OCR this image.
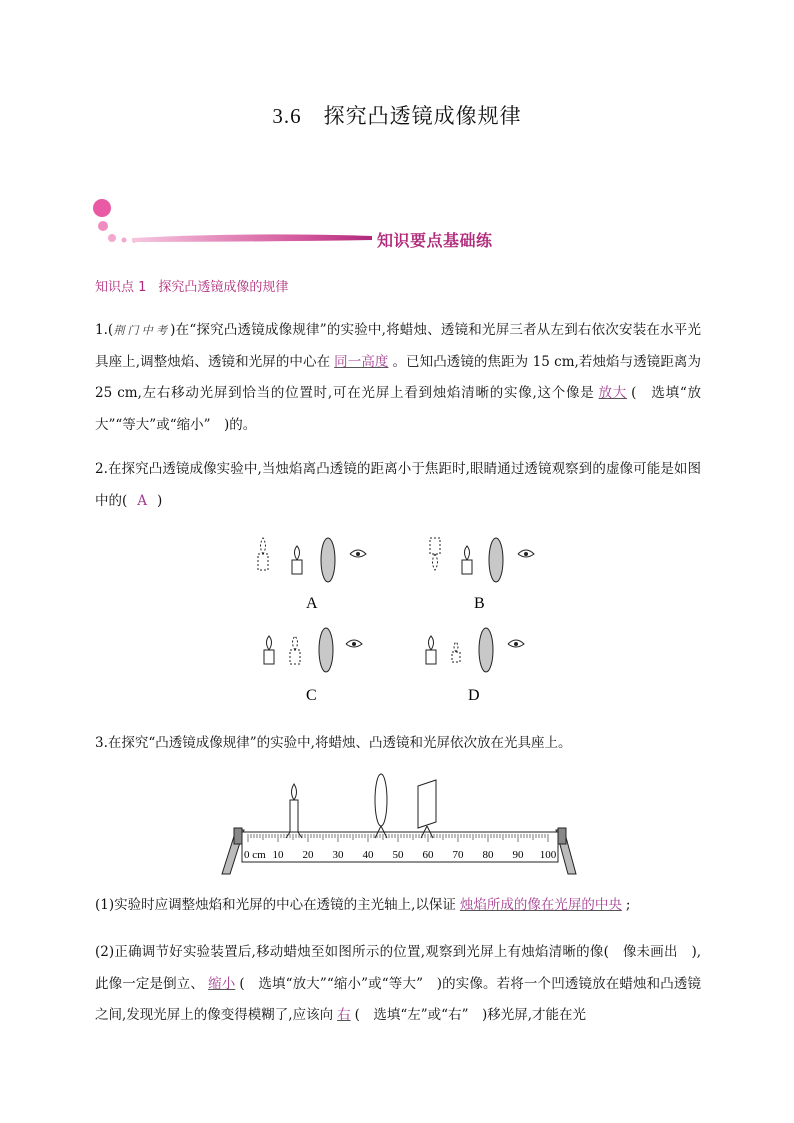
3.6 探究凸透镜成像规律
知识要点基础练
知识点 1 探究凸透镜成像的规律
1.(荆门中考)在“探究凸透镜成像规律”的实验中,将蜡烛、透镜和光屏三者从左到右依次安装在水平光具座上,调整烛焰、透镜和光屏的中心在 同一高度 。已知凸透镜的焦距为 15 cm,若烛焰与透镜距离为 25 cm,左右移动光屏到恰当的位置时,可在光屏上看到烛焰清晰的实像,这个像是 放大 (　选填“放大”“等大”或“缩小”　)的。
2.在探究凸透镜成像实验中,当烛焰离凸透镜的距离小于焦距时,眼睛通过透镜观察到的虚像可能是如图中的( A )
A	B
C	D
3.在探究“凸透镜成像规律”的实验中,将蜡烛、凸透镜和光屏依次放在光具座上。
0 cm 10 20 30 40 50 60 70 80 90 100
(1)实验时应调整烛焰和光屏的中心在透镜的主光轴上,以保证 烛焰所成的像在光屏的中央 ;
(2)正确调节好实验装置后,移动蜡烛至如图所示的位置,观察到光屏上有烛焰清晰的像(　像未画出　),此像一定是倒立、 缩小 (　选填“放大”“缩小”或“等大”　)的实像。若将一个凹透镜放在蜡烛和凸透镜之间,发现光屏上的像变得模糊了,应该向 右 (　选填“左”或“右”　)移光屏,才能在光
